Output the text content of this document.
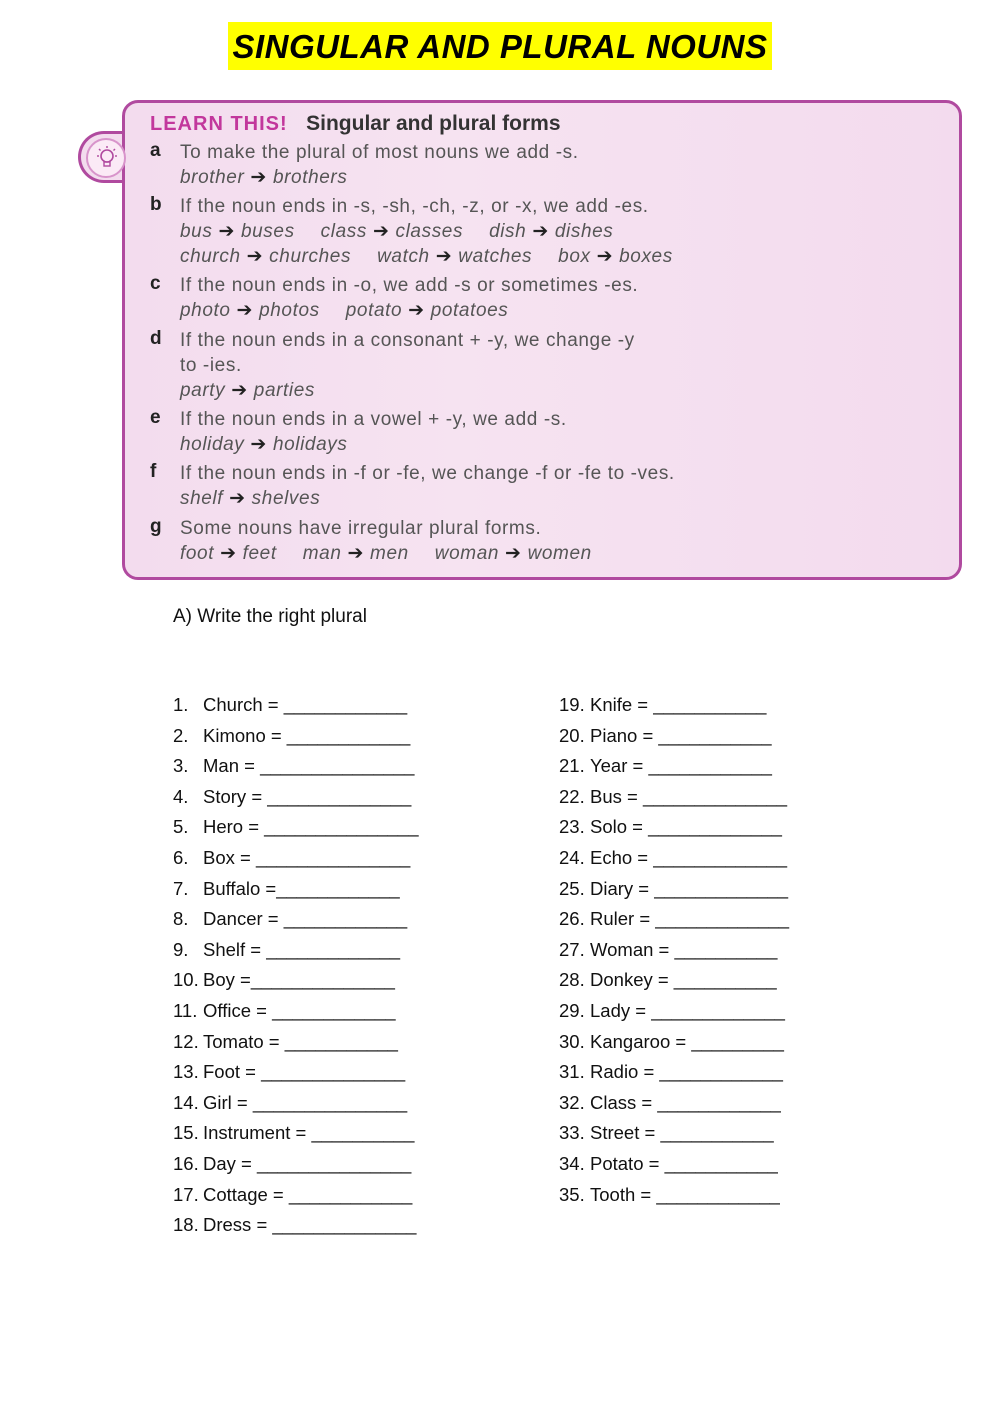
SINGULAR AND PLURAL NOUNS
LEARN THIS! Singular and plural forms
a To make the plural of most nouns we add -s.
brother ➔ brothers
b If the noun ends in -s, -sh, -ch, -z, or -x, we add -es.
bus ➔ buses class ➔ classes dish ➔ dishes
church ➔ churches watch ➔ watches box ➔ boxes
c If the noun ends in -o, we add -s or sometimes -es.
photo ➔ photos potato ➔ potatoes
d If the noun ends in a consonant + -y, we change -y
to -ies.
party ➔ parties
e If the noun ends in a vowel + -y, we add -s.
holiday ➔ holidays
f If the noun ends in -f or -fe, we change -f or -fe to -ves.
shelf ➔ shelves
g Some nouns have irregular plural forms.
foot ➔ feet man ➔ men woman ➔ women
A) Write the right plural
1. Church = ____________
2. Kimono = ____________
3. Man = _______________
4. Story = ______________
5. Hero = _______________
6. Box = _______________
7. Buffalo =____________
8. Dancer = ____________
9. Shelf = _____________
10. Boy =______________
11. Office = ____________
12. Tomato = ___________
13. Foot = ______________
14. Girl = _______________
15. Instrument = __________
16. Day = _______________
17. Cottage = ____________
18. Dress = ______________
19. Knife = ___________
20. Piano = ___________
21. Year = ____________
22. Bus = ______________
23. Solo = _____________
24. Echo = _____________
25. Diary = _____________
26. Ruler = _____________
27. Woman = __________
28. Donkey = __________
29. Lady = _____________
30. Kangaroo = _________
31. Radio = ____________
32. Class = ____________
33. Street = ___________
34. Potato = ___________
35. Tooth = ____________
